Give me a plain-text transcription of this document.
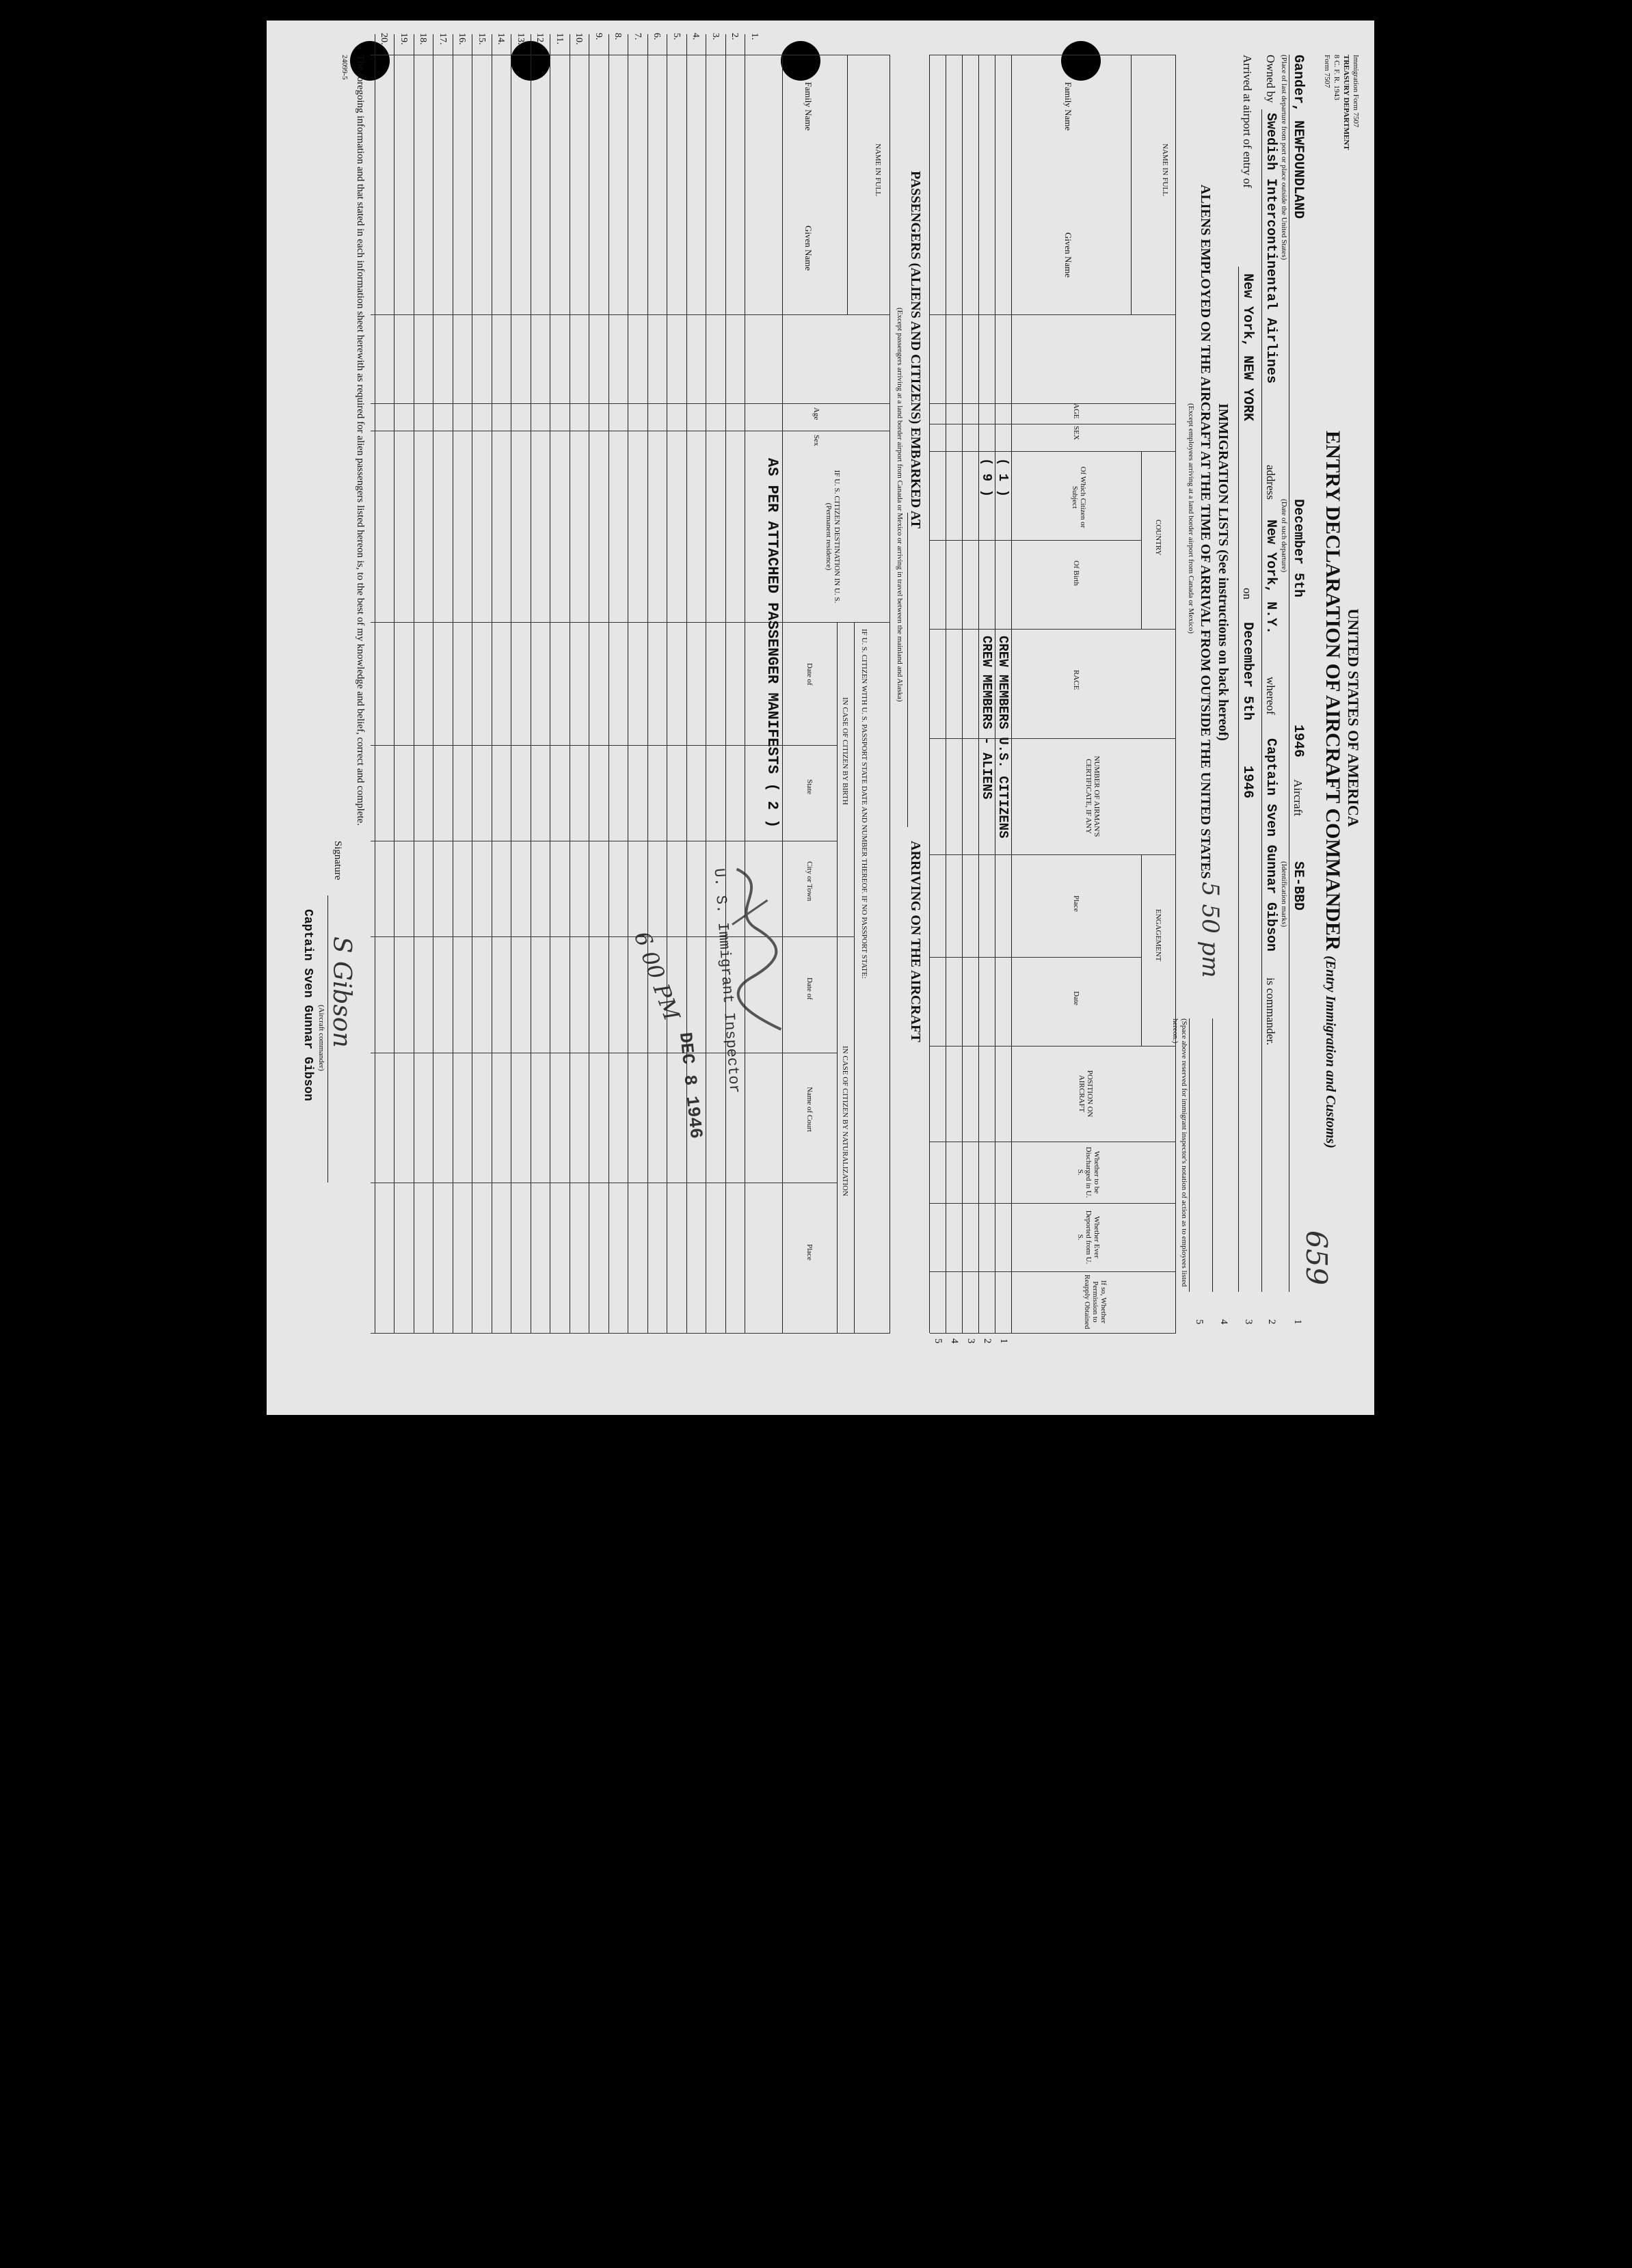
Immigration Form 7507
TREASURY DEPARTMENT
8 C. F. R. 1943
Form 7507
UNITED STATES OF AMERICA
ENTRY DECLARATION OF AIRCRAFT COMMANDER (Entry Immigration and Customs)
659
Gander, NEWFOUNDLAND
December 5th
1946
Aircraft
SE-BBD
(Place of last departure from port or place outside the United States)
(Date of such departure)
(Identification marks)
Owned by
Swedish Intercontinental Airlines
address
New York, N.Y.
whereof
Captain Sven Gunnar Gibson
is commander.
Arrived at airport of entry of
New York, NEW YORK
on
December 5th
1946
1
2
3
4
5
(Space above reserved for immigrant inspector's notation of action as to employees listed hereon.)
IMMIGRATION LISTS (See instructions on back hereof)
ALIENS EMPLOYED ON THE AIRCRAFT AT THE TIME OF ARRIVAL FROM OUTSIDE THE UNITED STATES
(Except employees arriving at a land border airport from Canada or Mexico)
5 50 pm
NAME IN FULL
Family Name
Given Name
AGE
SEX
COUNTRY
Of Which Citizen or Subject
Of Birth
RACE
NUMBER OF AIRMAN'S CERTIFICATE, IF ANY
ENGAGEMENT
Place
Date
POSITION ON AIRCRAFT
Whether to be Discharged in U. S.
Whether Ever Deported from U. S.
If so, Whether Permission to Reapply Obtained
( 1 )
CREW MEMBERS U.S. CITIZENS
( 9 )
CREW MEMBERS - ALIENS
1
2
3
4
5
PASSENGERS (ALIENS AND CITIZENS) EMBARKED AT
ARRIVING ON THE AIRCRAFT
(Except passengers arriving at a land border airport from Canada or Mexico or arriving in travel between the mainland and Alaska)
NAME IN FULL
Family Name
Given Name
Age
Sex
IF U. S. CITIZEN DESTINATION IN U. S. (Permanent residence)
IF U. S. CITIZEN WITH U. S. PASSPORT STATE DATE AND NUMBER THEREOF. IF NO PASSPORT STATE:
IN CASE OF CITIZEN BY BIRTH
IN CASE OF CITIZEN BY NATURALIZATION
Date of
State
City or Town
Date of
Name of Court
Place
AS PER ATTACHED PASSENGER MANIFESTS ( 2 )
U. S. Immigrant Inspector
DEC 8 1946
6 00 PM
1.
2.
3.
4.
5.
6.
7.
8.
9.
10.
11.
12.
13.
14.
15.
16.
17.
18.
19.
20.
The foregoing information and that stated in each information sheet herewith as required for alien passengers listed hereon is, to the best of my knowledge and belief, correct and complete.
24099-5
Signature
S Gibson
(Aircraft commander)
Captain Sven Gunnar Gibson
